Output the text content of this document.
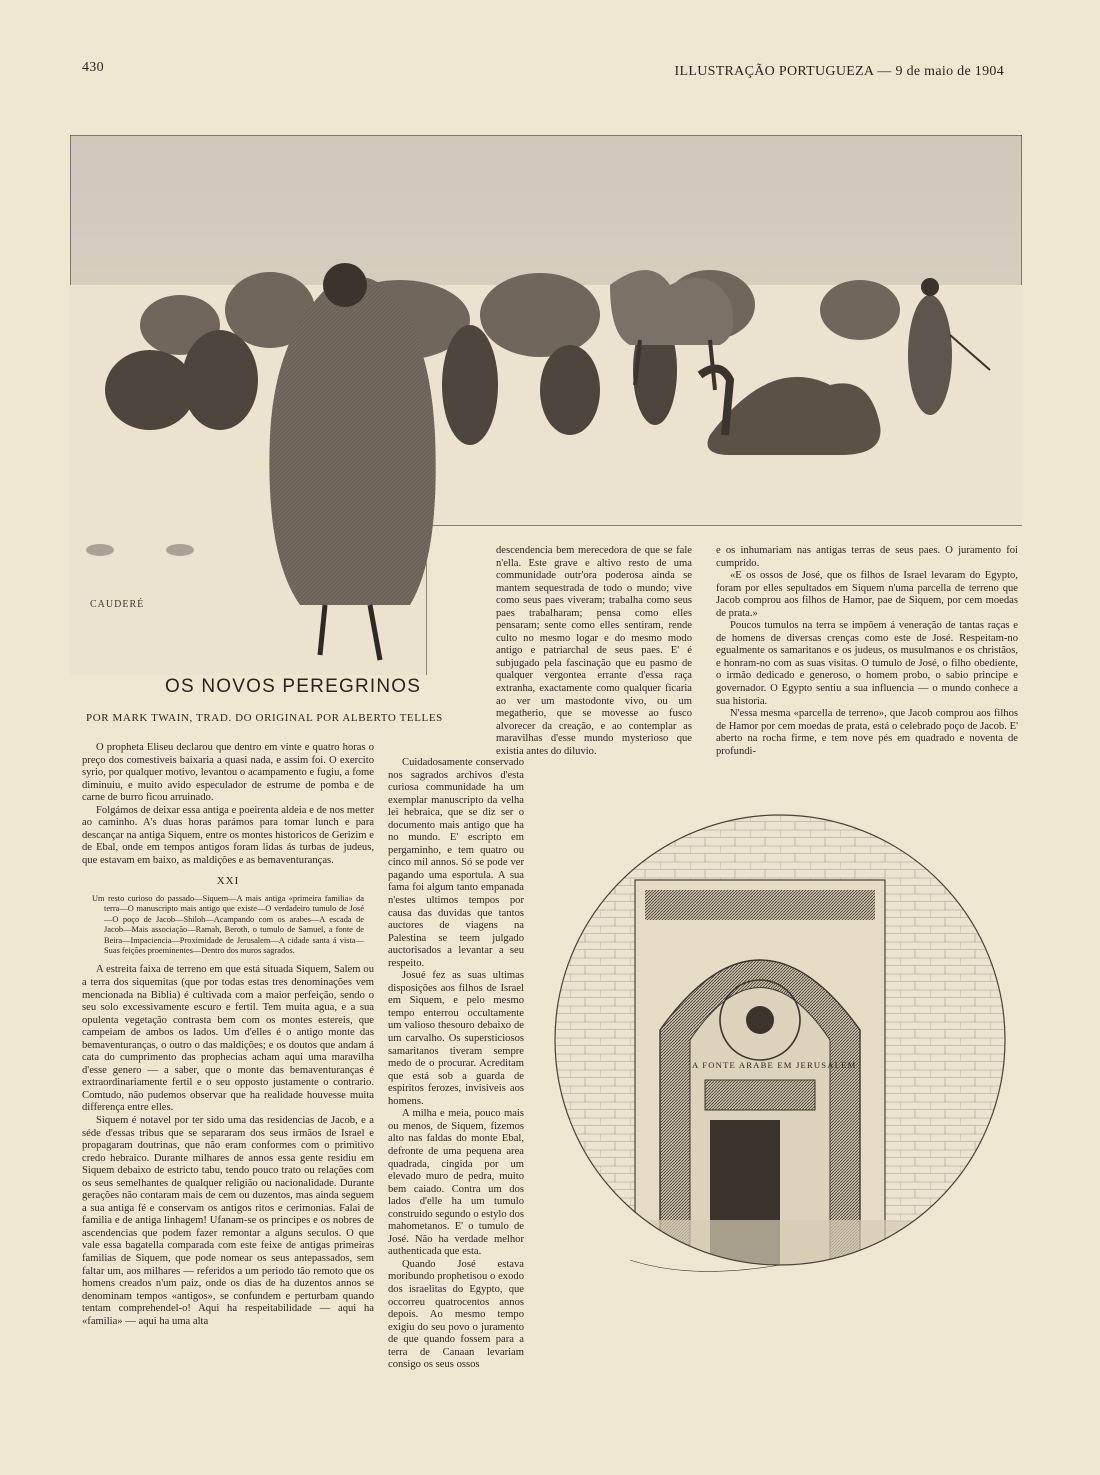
430	ILLUSTRAÇÃO PORTUGUEZA — 9 de maio de 1904
CAUDERÉ
OS NOVOS PEREGRINOS
POR MARK TWAIN, TRAD. DO ORIGINAL POR ALBERTO TELLES

O propheta Eliseu declarou que dentro em vinte e quatro horas o preço dos comestiveis baixaria a quasi nada, e assim foi. O exercito syrio, por qualquer motivo, levantou o acampamento e fugiu, a fome diminuiu, e muito avido especulador de estrume de pomba e de carne de burro ficou arruinado.

Folgámos de deixar essa antiga e poeirenta aldeia e de nos metter ao caminho. A's duas horas parámos para tomar lunch e para descançar na antiga Siquem, entre os montes historicos de Gerizim e de Ebal, onde em tempos antigos foram lidas ás turbas de judeus, que estavam em baixo, as maldições e as bemaventuranças.

XXI

Um resto curioso do passado—Siquem—A mais antiga «primeira familia» da terra—O manuscripto mais antigo que existe—O verdadeiro tumulo de José—O poço de Jacob—Shiloh—Acampando com os arabes—A escada de Jacob—Mais associação—Ramah, Beroth, o tumulo de Samuel, a fonte de Beira—Impaciencia—Proximidade de Jerusalem—A cidade santa á vista—Suas feições proeminentes—Dentro dos muros sagrados.

A estreita faixa de terreno em que está situada Siquem, Salem ou a terra dos siquemitas (que por todas estas tres denominações vem mencionada na Biblia) é cultivada com a maior perfeição, sendo o seu solo excessivamente escuro e fertil. Tem muita agua, e a sua opulenta vegetação contrasta bem com os montes estereis, que campeiam de ambos os lados. Um d'elles é o antigo monte das bemaventuranças, o outro o das maldições; e os doutos que andam á cata do cumprimento das prophecias acham aqui uma maravilha d'esse genero — a saber, que o monte das bemaventuranças é extraordinariamente fertil e o seu opposto justamente o contrario. Comtudo, não pudemos observar que ha realidade houvesse muita differença entre elles.

Siquem é notavel por ter sido uma das residencias de Jacob, e a séde d'essas tribus que se separaram dos seus irmãos de Israel e propagaram doutrinas, que não eram conformes com o primitivo credo hebraico. Durante milhares de annos essa gente residiu em Siquem debaixo de estricto tabu, tendo pouco trato ou relações com os seus semelhantes de qualquer religião ou nacionalidade. Durante gerações não contaram mais de cem ou duzentos, mas ainda seguem a sua antiga fé e conservam os antigos ritos e cerimonias. Falai de familia e de antiga linhagem! Ufanam-se os principes e os nobres de ascendencias que podem fazer remontar a alguns seculos. O que vale essa bagatella comparada com este feixe de antigas primeiras familias de Siquem, que pode nomear os seus antepassados, sem faltar um, aos milhares — referidos a um periodo tão remoto que os homens creados n'um paiz, onde os dias de ha duzentos annos se denominam tempos «antigos», se confundem e perturbam quando tentam comprehendel-o! Aqui ha respeitabilidade — aqui ha «familia» — aqui ha uma alta

descendencia bem merecedora de que se fale n'ella. Este grave e altivo resto de uma communidade outr'ora poderosa ainda se mantem sequestrada de todo o mundo; vive como seus paes viveram; trabalha como seus paes trabalharam; pensa como elles pensaram; sente como elles sentiram, rende culto no mesmo logar e do mesmo modo antigo e patriarchal de seus paes. E' é subjugado pela fascinação que eu pasmo de qualquer vergontea errante d'essa raça extranha, exactamente como qualquer ficaria ao ver um mastodonte vivo, ou um megatherio, que se movesse ao fusco alvorecer da creação, e ao contemplar as maravilhas d'esse mundo mysterioso que existia antes do diluvio.

Cuidadosamente conservado nos sagrados archivos d'esta curiosa communidade ha um exemplar manuscripto da velha lei hebraica, que se diz ser o documento mais antigo que ha no mundo. E' escripto em pergaminho, e tem quatro ou cinco mil annos. Só se pode ver pagando uma esportula. A sua fama foi algum tanto empanada n'estes ultimos tempos por causa das duvidas que tantos auctores de viagens na Palestina se teem julgado auctorisados a levantar a seu respeito.

Josué fez as suas ultimas disposições aos filhos de Israel em Siquem, e pelo mesmo tempo enterrou occultamente um valioso thesouro debaixo de um carvalho. Os supersticiosos samaritanos tiveram sempre medo de o procurar. Acreditam que está sob a guarda de espiritos ferozes, invisiveis aos homens.

A milha e meia, pouco mais ou menos, de Siquem, fizemos alto nas faldas do monte Ebal, defronte de uma pequena area quadrada, cingida por um elevado muro de pedra, muito bem caiado. Contra um dos lados d'elle ha um tumulo construido segundo o estylo dos mahometanos. E' o tumulo de José. Não ha verdade melhor authenticada que esta.

Quando José estava moribundo prophetisou o exodo dos israelitas do Egypto, que occorreu quatrocentos annos depois. Ao mesmo tempo exigiu do seu povo o juramento de que quando fossem para a terra de Canaan levariam consigo os seus ossos

e os inhumariam nas antigas terras de seus paes. O juramento foi cumprido.

«E os ossos de José, que os filhos de Israel levaram do Egypto, foram por elles sepultados em Siquem n'uma parcella de terreno que Jacob comprou aos filhos de Hamor, pae de Siquem, por cem moedas de prata.»

Poucos tumulos na terra se impõem á veneração de tantas raças e de homens de diversas crenças como este de José. Respeitam-no egualmente os samaritanos e os judeus, os musulmanos e os christãos, e honram-no com as suas visitas. O tumulo de José, o filho obediente, o irmão dedicado e generoso, o homem probo, o sabio principe e governador. O Egypto sentiu a sua influencia — o mundo conhece a sua historia.

N'essa mesma «parcella de terreno», que Jacob comprou aos filhos de Hamor por cem moedas de prata, está o celebrado poço de Jacob. E' aberto na rocha firme, e tem nove pés em quadrado e noventa de profundi-

A FONTE ARABE EM JERUSALEM
